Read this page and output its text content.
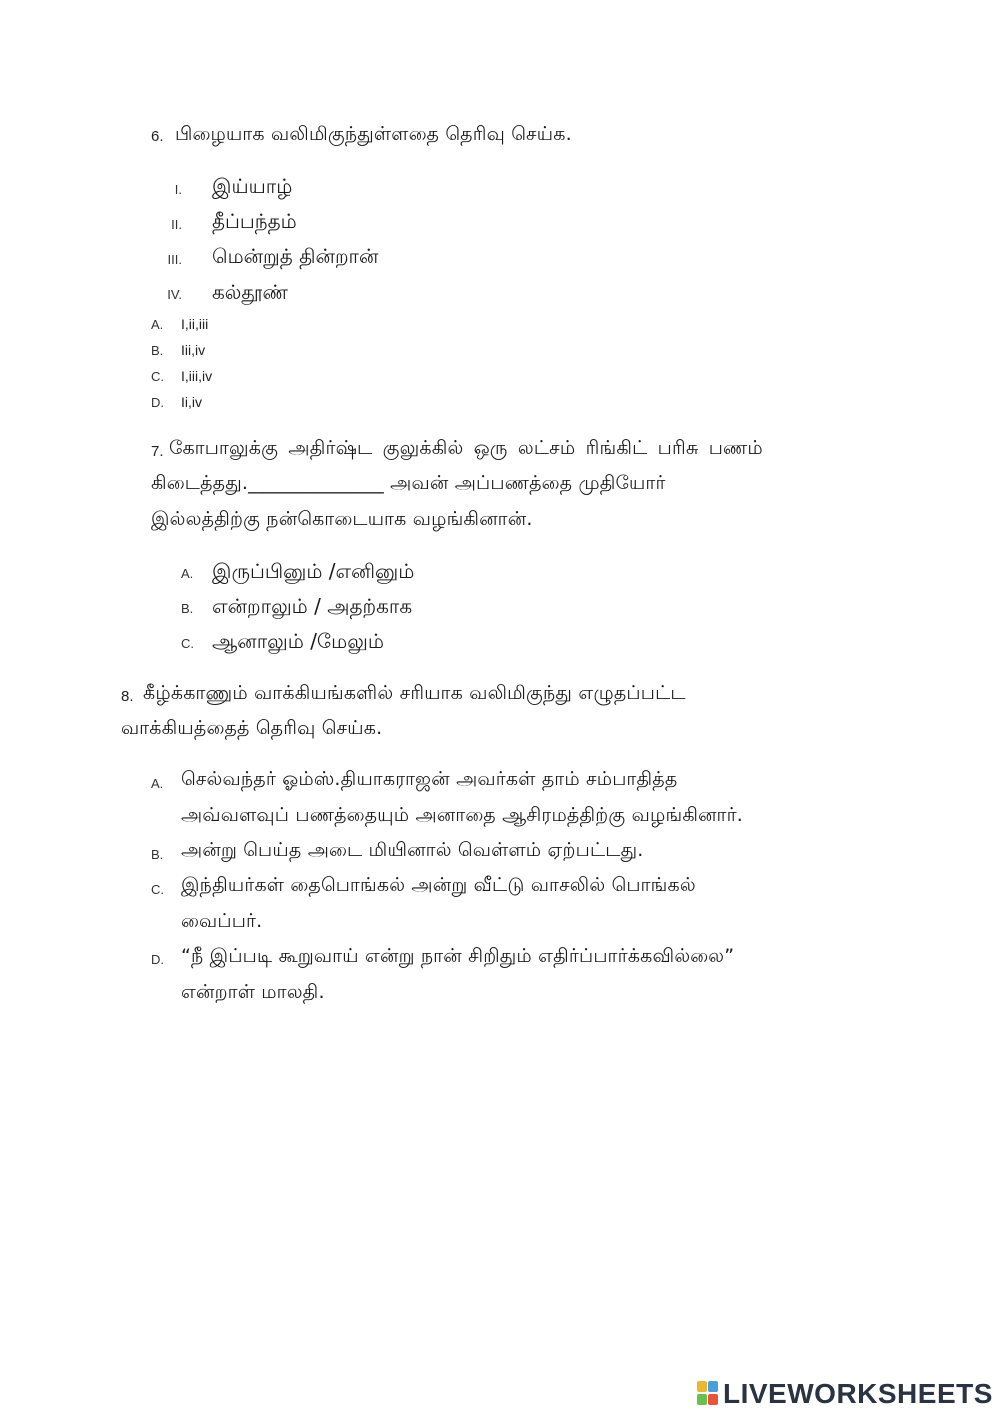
6. பிழையாக வலிமிகுந்துள்ளதை தெரிவு செய்க.
I. இய்யாழ்
II. தீப்பந்தம்
III. மென்றுத் தின்றான்
IV. கல்தூண்
A. I,ii,iii
B. Iii,iv
C. I,iii,iv
D. Ii,iv
7. கோபாலுக்கு அதிர்ஷ்ட குலுக்கில் ஒரு லட்சம் ரிங்கிட் பரிசு பணம்
கிடைத்தது.______________ அவன் அப்பணத்தை முதியோர்
இல்லத்திற்கு நன்கொடையாக வழங்கினான்.
A. இருப்பினும் /எனினும்
B. என்றாலும் / அதற்காக
C. ஆனாலும் /மேலும்
8. கீழ்க்காணும் வாக்கியங்களில் சரியாக வலிமிகுந்து எழுதப்பட்ட
வாக்கியத்தைத் தெரிவு செய்க.
A. செல்வந்தர் ஓம்ஸ்.தியாகராஜன் அவர்கள் தாம் சம்பாதித்த
அவ்வளவுப் பணத்தையும் அனாதை ஆசிரமத்திற்கு வழங்கினார்.
B. அன்று பெய்த அடை மியினால் வெள்ளம் ஏற்பட்டது.
C. இந்தியர்கள் தைபொங்கல் அன்று வீட்டு வாசலில் பொங்கல்
வைப்பர்.
D. “நீ இப்படி கூறுவாய் என்று நான் சிறிதும் எதிர்ப்பார்க்கவில்லை”
என்றாள் மாலதி.
LIVEWORKSHEETS
